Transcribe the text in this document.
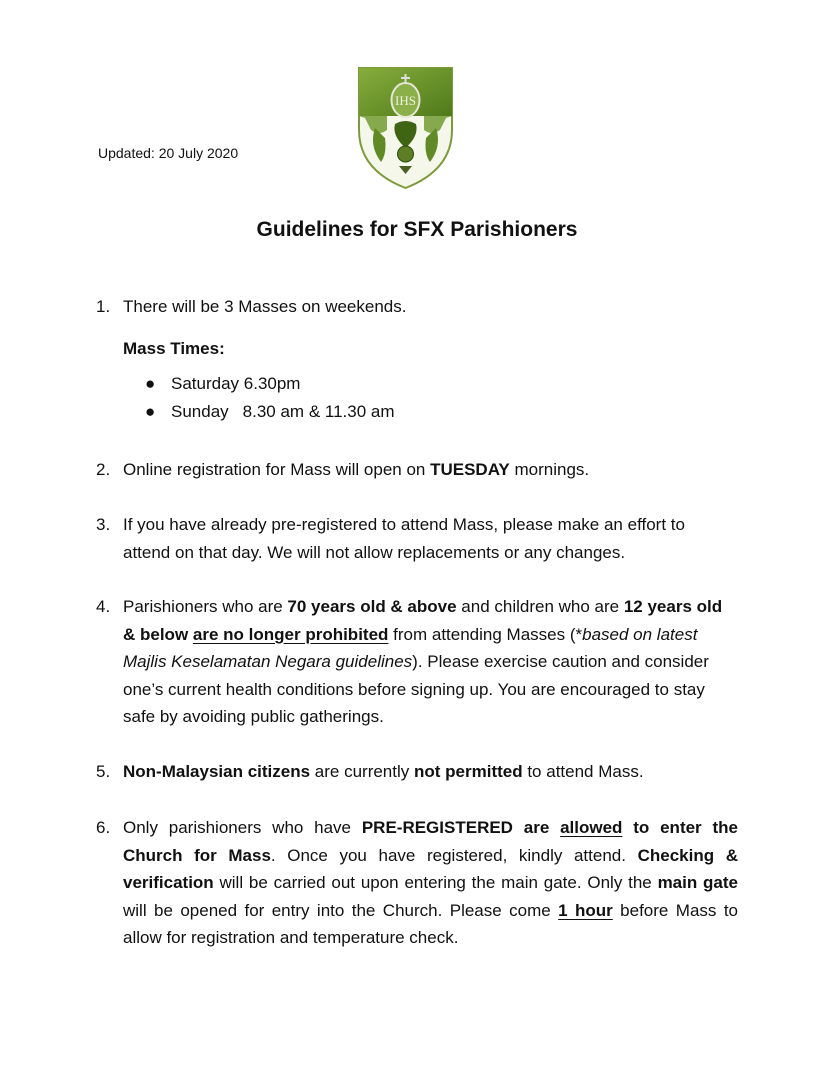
Updated: 20 July 2020
IHS
Guidelines for SFX Parishioners
1. There will be 3 Masses on weekends.
Mass Times:
● Saturday 6.30pm
● Sunday 8.30 am & 11.30 am
2. Online registration for Mass will open on TUESDAY mornings.
3. If you have already pre-registered to attend Mass, please make an effort to
attend on that day. We will not allow replacements or any changes.
4. Parishioners who are 70 years old & above and children who are 12 years old & below are no longer prohibited from attending Masses (*based on latest Majlis Keselamatan Negara guidelines). Please exercise caution and consider one’s current health conditions before signing up. You are encouraged to stay safe by avoiding public gatherings.
5. Non-Malaysian citizens are currently not permitted to attend Mass.
6. Only parishioners who have PRE-REGISTERED are allowed to enter the Church for Mass. Once you have registered, kindly attend. Checking & verification will be carried out upon entering the main gate. Only the main gate will be opened for entry into the Church. Please come 1 hour before Mass to allow for registration and temperature check.
